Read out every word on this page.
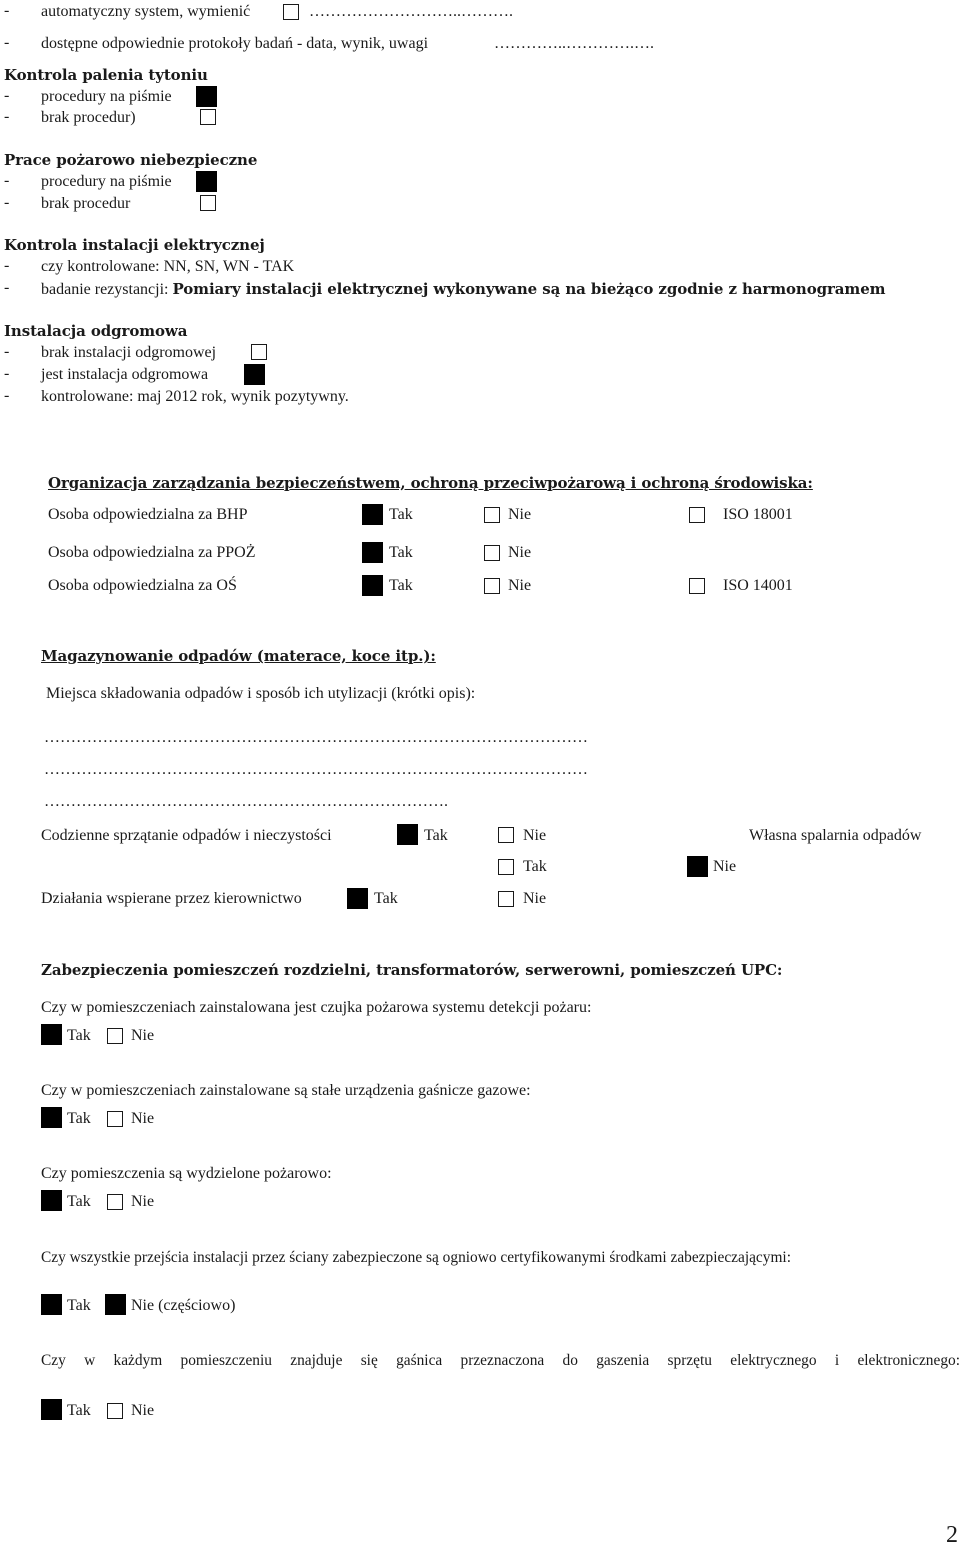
- automatyczny system, wymienić	………………………..……….
- dostępne odpowiednie protokoły badań - data, wynik, uwagi	…………..………….….
Kontrola palenia tytoniu
- procedury na piśmie
- brak procedur)
Prace pożarowo niebezpieczne
- procedury na piśmie
- brak procedur
Kontrola instalacji elektrycznej
- czy kontrolowane: NN, SN, WN - TAK
- badanie rezystancji: Pomiary instalacji elektrycznej wykonywane są na bieżąco zgodnie z harmonogramem
Instalacja odgromowa
- brak instalacji odgromowej
- jest instalacja odgromowa
- kontrolowane: maj 2012 rok, wynik pozytywny.
Organizacja zarządzania bezpieczeństwem, ochroną przeciwpożarową i ochroną środowiska:
Osoba odpowiedzialna za BHP	Tak	Nie	ISO 18001
Osoba odpowiedzialna za PPOŻ	Tak	Nie
Osoba odpowiedzialna za OŚ	Tak	Nie	ISO 14001
Magazynowanie odpadów (materace, koce itp.):
Miejsca składowania odpadów i sposób ich utylizacji (krótki opis):
…………………………………………………………………………………………
…………………………………………………………………………………………
………………………………………………………………….
Codzienne sprzątanie odpadów i nieczystości	Tak	Nie	Własna spalarnia odpadów
Tak	Nie
Działania wspierane przez kierownictwo	Tak	Nie
Zabezpieczenia pomieszczeń rozdzielni, transformatorów, serwerowni, pomieszczeń UPC:
Czy w pomieszczeniach zainstalowana jest czujka pożarowa systemu detekcji pożaru:
Tak	Nie
Czy w pomieszczeniach zainstalowane są stałe urządzenia gaśnicze gazowe:
Tak	Nie
Czy pomieszczenia są wydzielone pożarowo:
Tak	Nie
Czy wszystkie przejścia instalacji przez ściany zabezpieczone są ogniowo certyfikowanymi środkami zabezpieczającymi:
Tak	Nie (częściowo)
Czy w każdym pomieszczeniu znajduje się gaśnica przeznaczona do gaszenia sprzętu elektrycznego i elektronicznego:
Tak	Nie
2
